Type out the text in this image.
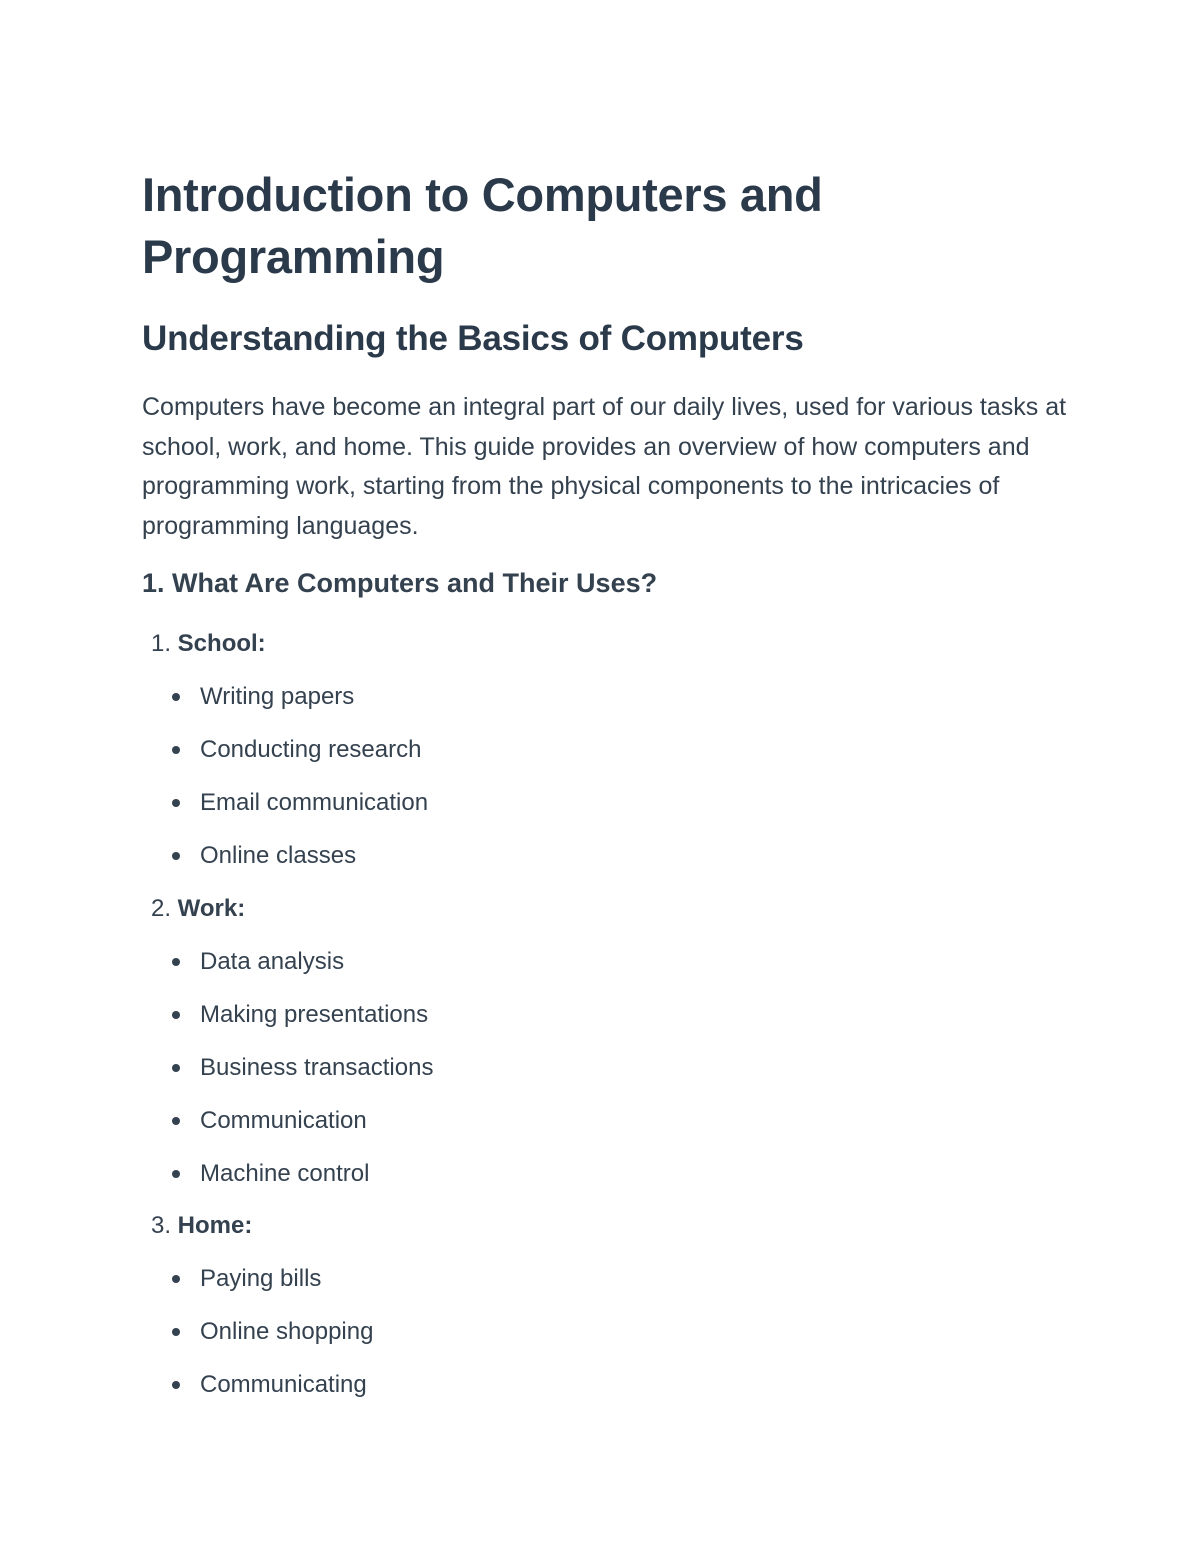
Introduction to Computers and Programming
Understanding the Basics of Computers

Computers have become an integral part of our daily lives, used for various tasks at school, work, and home. This guide provides an overview of how computers and programming work, starting from the physical components to the intricacies of programming languages.

1. What Are Computers and Their Uses?
1. School:
Writing papers
Conducting research
Email communication
Online classes
2. Work:
Data analysis
Making presentations
Business transactions
Communication
Machine control
3. Home:
Paying bills
Online shopping
Communicating
